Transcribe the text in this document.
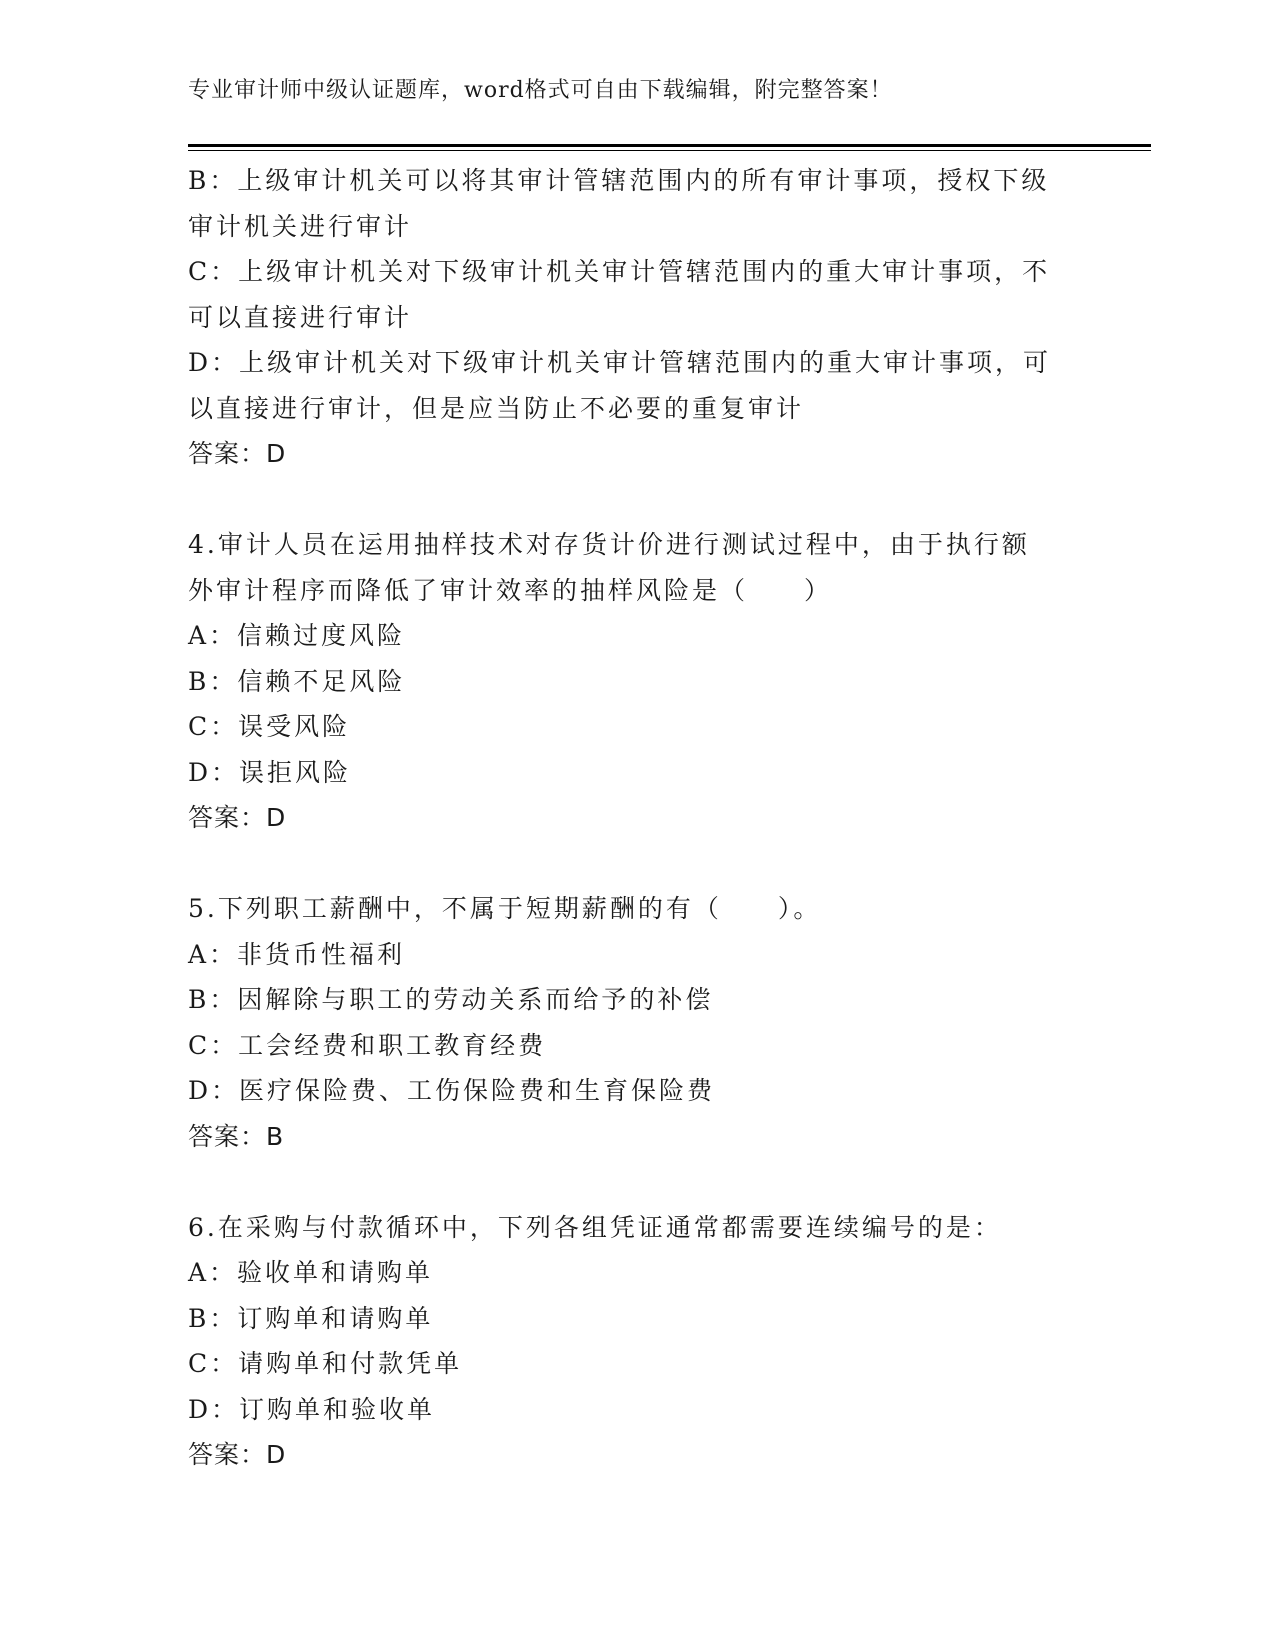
专业审计师中级认证题库，word格式可自由下载编辑，附完整答案！
B：上级审计机关可以将其审计管辖范围内的所有审计事项，授权下级
审计机关进行审计
C：上级审计机关对下级审计机关审计管辖范围内的重大审计事项，不
可以直接进行审计
D：上级审计机关对下级审计机关审计管辖范围内的重大审计事项，可
以直接进行审计，但是应当防止不必要的重复审计
答案：D
4.审计人员在运用抽样技术对存货计价进行测试过程中，由于执行额
外审计程序而降低了审计效率的抽样风险是（　　）
A：信赖过度风险
B：信赖不足风险
C：误受风险
D：误拒风险
答案：D
5.下列职工薪酬中，不属于短期薪酬的有（　　）。
A：非货币性福利
B：因解除与职工的劳动关系而给予的补偿
C：工会经费和职工教育经费
D：医疗保险费、工伤保险费和生育保险费
答案：B
6.在采购与付款循环中，下列各组凭证通常都需要连续编号的是：
A：验收单和请购单
B：订购单和请购单
C：请购单和付款凭单
D：订购单和验收单
答案：D
